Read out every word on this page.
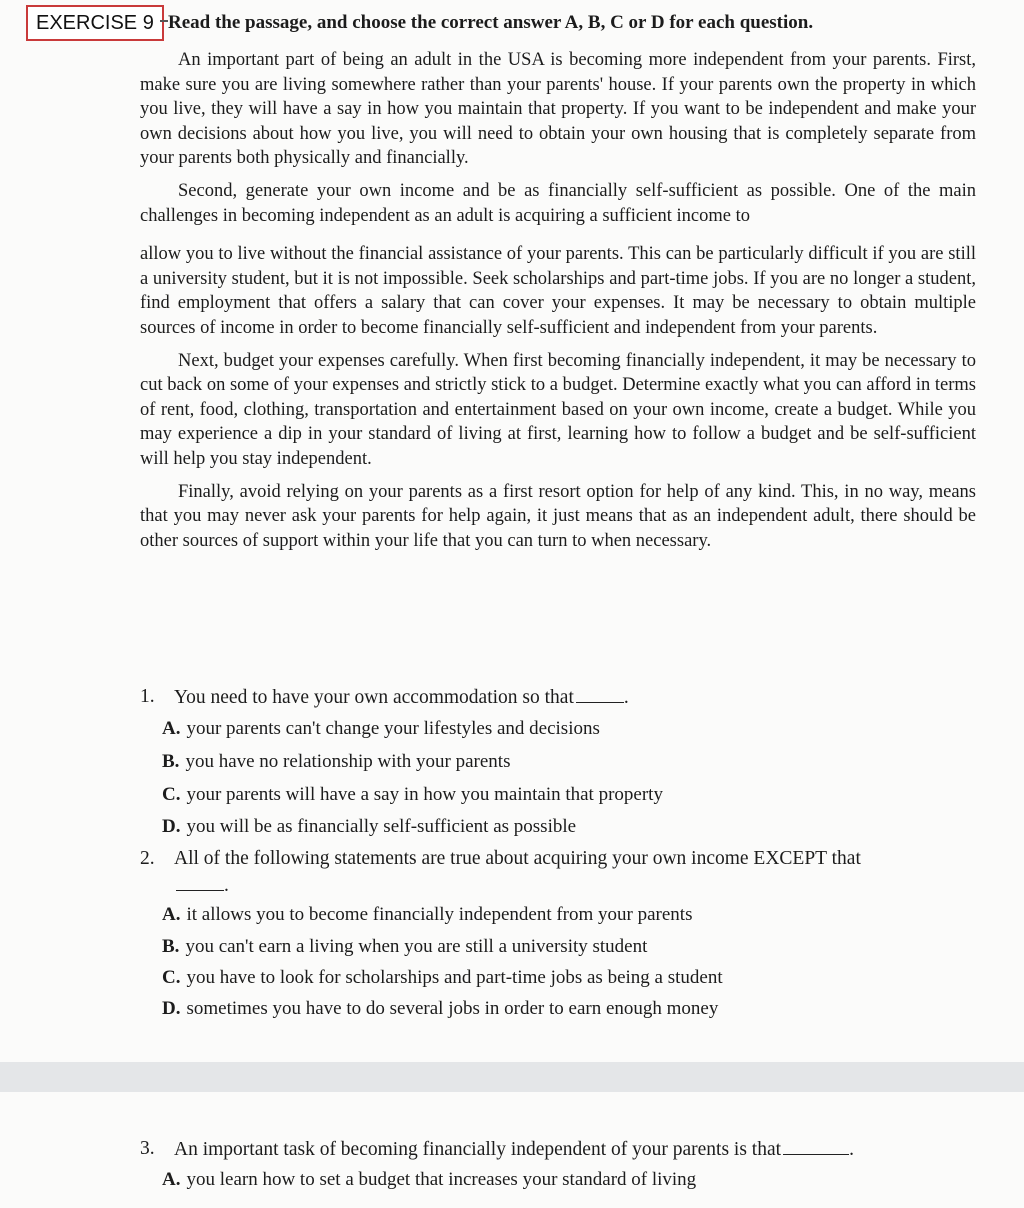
EXERCISE 9 Read the passage, and choose the correct answer A, B, C or D for each question.

An important part of being an adult in the USA is becoming more independent from your parents. First, make sure you are living somewhere rather than your parents' house. If your parents own the property in which you live, they will have a say in how you maintain that property. If you want to be independent and make your own decisions about how you live, you will need to obtain your own housing that is completely separate from your parents both physically and financially.

Second, generate your own income and be as financially self-sufficient as possible. One of the main challenges in becoming independent as an adult is acquiring a sufficient income to

allow you to live without the financial assistance of your parents. This can be particularly difficult if you are still a university student, but it is not impossible. Seek scholarships and part-time jobs. If you are no longer a student, find employment that offers a salary that can cover your expenses. It may be necessary to obtain multiple sources of income in order to become financially self-sufficient and independent from your parents.

Next, budget your expenses carefully. When first becoming financially independent, it may be necessary to cut back on some of your expenses and strictly stick to a budget. Determine exactly what you can afford in terms of rent, food, clothing, transportation and entertainment based on your own income, create a budget. While you may experience a dip in your standard of living at first, learning how to follow a budget and be self-sufficient will help you stay independent.

Finally, avoid relying on your parents as a first resort option for help of any kind. This, in no way, means that you may never ask your parents for help again, it just means that as an independent adult, there should be other sources of support within your life that you can turn to when necessary.

1. You need to have your own accommodation so that	.
A. your parents can't change your lifestyles and decisions
B. you have no relationship with your parents
C. your parents will have a say in how you maintain that property
D. you will be as financially self-sufficient as possible
2. All of the following statements are true about acquiring your own income EXCEPT that
.
A. it allows you to become financially independent from your parents
B. you can't earn a living when you are still a university student
C. you have to look for scholarships and part-time jobs as being a student
D. sometimes you have to do several jobs in order to earn enough money
3. An important task of becoming financially independent of your parents is that	.
A. you learn how to set a budget that increases your standard of living
